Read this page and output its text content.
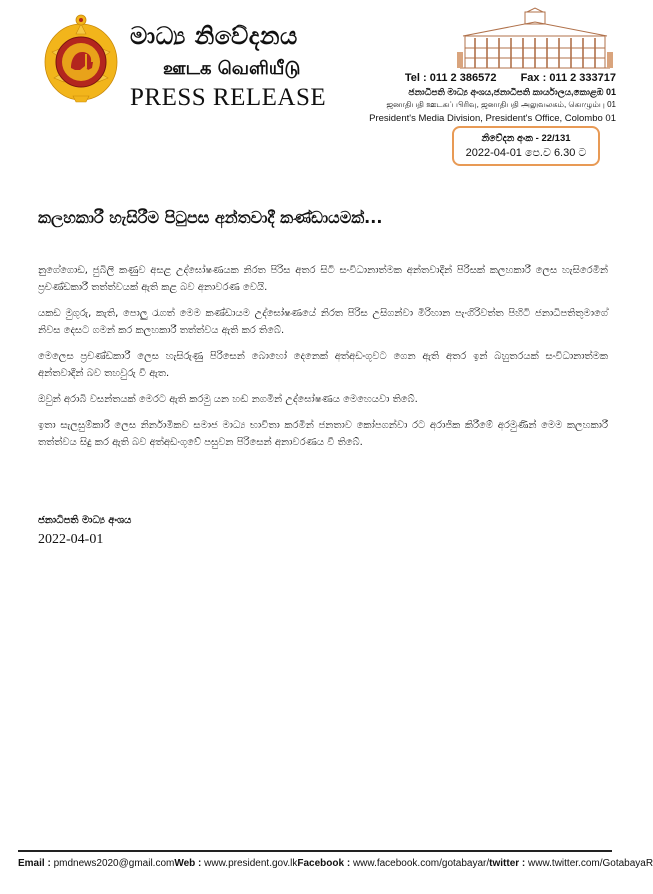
මාධ්‍ය නිවේදනය
ஊடக வெளியீடு
PRESS RELEASE
Tel : 011 2 386572 Fax : 011 2 333717
ජනාධිපති මාධ්‍ය අංශය,ජනාධිපති කාර්යාලය,කොළඹ 01
ஜனாதிபதி ஊடகப் பிரிவு, ஜனாதிபதி அலுவலகம், கொழும்பு 01
President's Media Division, President's Office, Colombo 01
නිවේදන අංක - 22/131
2022-04-01 පෙ.ව 6.30 ට
කලහකාරී හැසිරීම පිටුපස අන්තවාදී කණ්ඩායමක්...

නුගේගොඩ, ජුබිලි කණුව අසළ උද්ඝෝෂණයක නිරත පිරිස අතර සිටි සංවිධානාත්මක අන්තවාදීන් පිරිසක් කලහකාරී ලෙස හැසිරෙමින් ප්‍රචණ්ඩකාරී තත්ත්වයක් ඇති කළ බව අනාවරණ වෙයි.

යකඩ මුගුරු, කැති, පොලු රැගත් මෙම කණ්ඩායම උද්ඝෝෂණයේ නිරත පිරිස උසිගන්වා මිරිහාන පැංගිරිවත්ත පිහිටි ජනාධිපතිතුමාගේ නිවස දෙසට ගමන් කර කලහකාරී තත්ත්වය ඇති කර තිබේ.

මෙලෙස ප්‍රචණ්ඩකාරී ලෙස හැසිරුණු පිරිසෙන් බොහෝ දෙනෙක් අත්අඩංගුවට ගෙන ඇති අතර ඉන් බහුතරයක් සංවිධානාත්මක අන්තවාදීන් බව තහවුරු වී ඇත.

ඔවුන් අරාබි වසන්තයක් මෙරට ඇති කරමු යන හඬ නගමින් උද්ඝෝෂණය මෙහෙයවා තිබේ.

ඉතා සැලසුම්කාරී ලෙස නිර්නාමිකව සමාජ මාධ්‍ය භාවිතා කරමින් ජනතාව කෝපගන්වා රට අරාජික කිරීමේ අරමුණින් මෙම කලහකාරී තත්ත්වය සිදු කර ඇති බව අත්අඩංගුවේ පසුවන පිරිසෙන් අනාවරණය වී තිබේ.

ජනාධිපති මාධ්‍ය අංශය
2022-04-01
Email : pmdnews2020@gmail.com Web : www.president.gov.lk Facebook : www.facebook.com/gotabayar/ twitter : www.twitter.com/GotabayaR
